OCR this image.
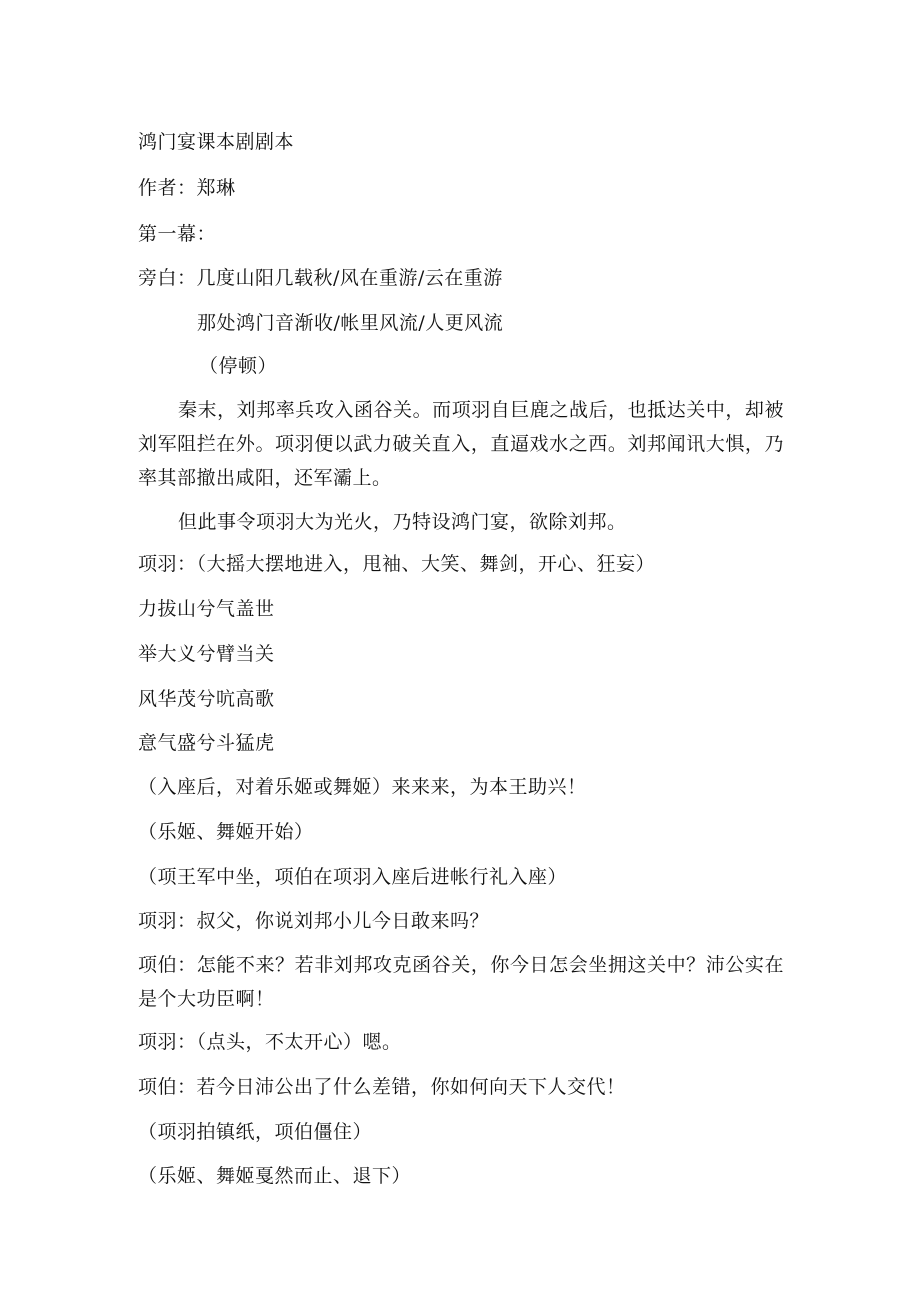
鸿门宴课本剧剧本
作者：郑琳
第一幕：
旁白：几度山阳几载秋/风在重游/云在重游
那处鸿门音渐收/帐里风流/人更风流
（停顿）
秦末，刘邦率兵攻入函谷关。而项羽自巨鹿之战后，也抵达关中，却被刘军阻拦在外。项羽便以武力破关直入，直逼戏水之西。刘邦闻讯大惧，乃率其部撤出咸阳，还军灞上。
但此事令项羽大为光火，乃特设鸿门宴，欲除刘邦。
项羽：（大摇大摆地进入，甩袖、大笑、舞剑，开心、狂妄）
力拔山兮气盖世
举大义兮臂当关
风华茂兮吭高歌
意气盛兮斗猛虎
（入座后，对着乐姬或舞姬）来来来，为本王助兴！
（乐姬、舞姬开始）
（项王军中坐，项伯在项羽入座后进帐行礼入座）
项羽：叔父，你说刘邦小儿今日敢来吗？
项伯：怎能不来？若非刘邦攻克函谷关，你今日怎会坐拥这关中？沛公实在是个大功臣啊！
项羽：（点头，不太开心）嗯。
项伯：若今日沛公出了什么差错，你如何向天下人交代！
（项羽拍镇纸，项伯僵住）
（乐姬、舞姬戛然而止、退下）
